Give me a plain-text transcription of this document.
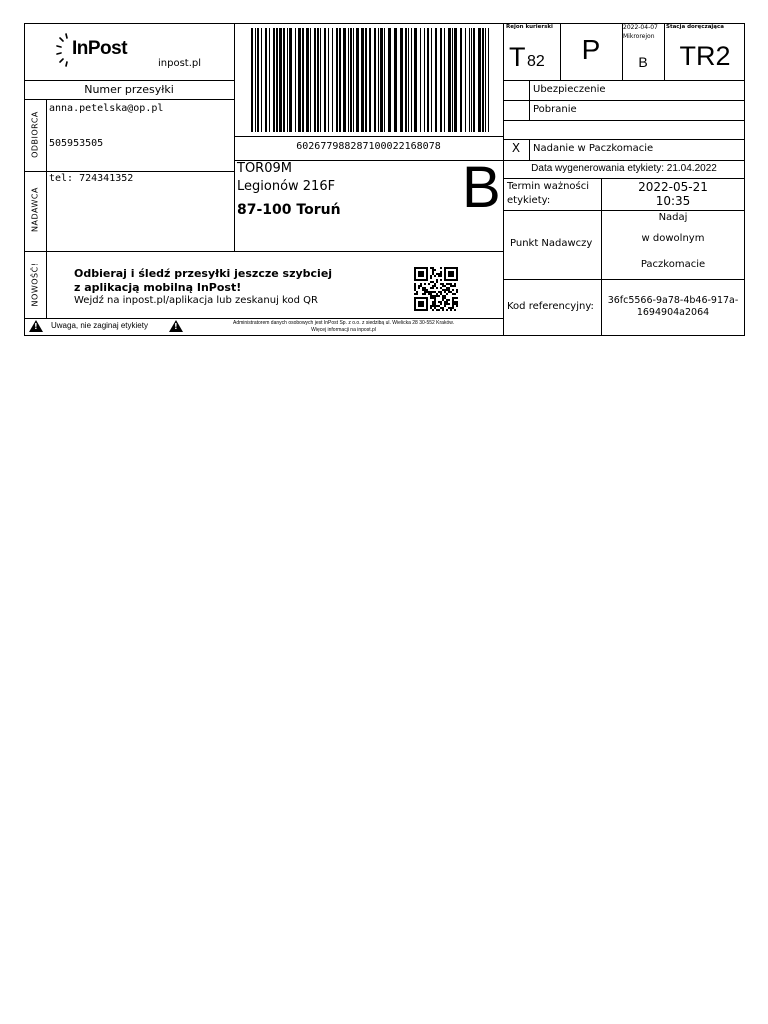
InPost
inpost.pl
Numer przesyłki
ODBIORCA
anna.petelska@op.pl
505953505
NADAWCA
tel: 724341352
602677988287100022168078
TOR09M
Legionów 216F
87-100 Toruń B
NOWOŚĆ!	Odbieraj i śledź przesyłki jeszcze szybciej
z aplikacją mobilną InPost!
Wejdź na inpost.pl/aplikacja lub zeskanuj kod QR
!
Uwaga, nie zaginaj etykiety
!	Administratorem danych osobowych jest InPost Sp. z o.o. z siedzibą ul. Wielicka 28 30-552 Kraków.
Więcej informacji na inpost.pl
Rejon kurierski
T 82	P
2022-04-07
Mikrorejon
B
Stacja doręczająca
TR2
Ubezpieczenie
Pobranie
X	Nadanie w Paczkomacie
Data wygenerowania etykiety: 21.04.2022
Termin ważności
etykiety:
2022-05-21
10:35
Punkt Nadawczy
Nadaj
w dowolnym
Paczkomacie
Kod referencyjny:
36fc5566-9a78-4b46-917a-
1694904a2064
